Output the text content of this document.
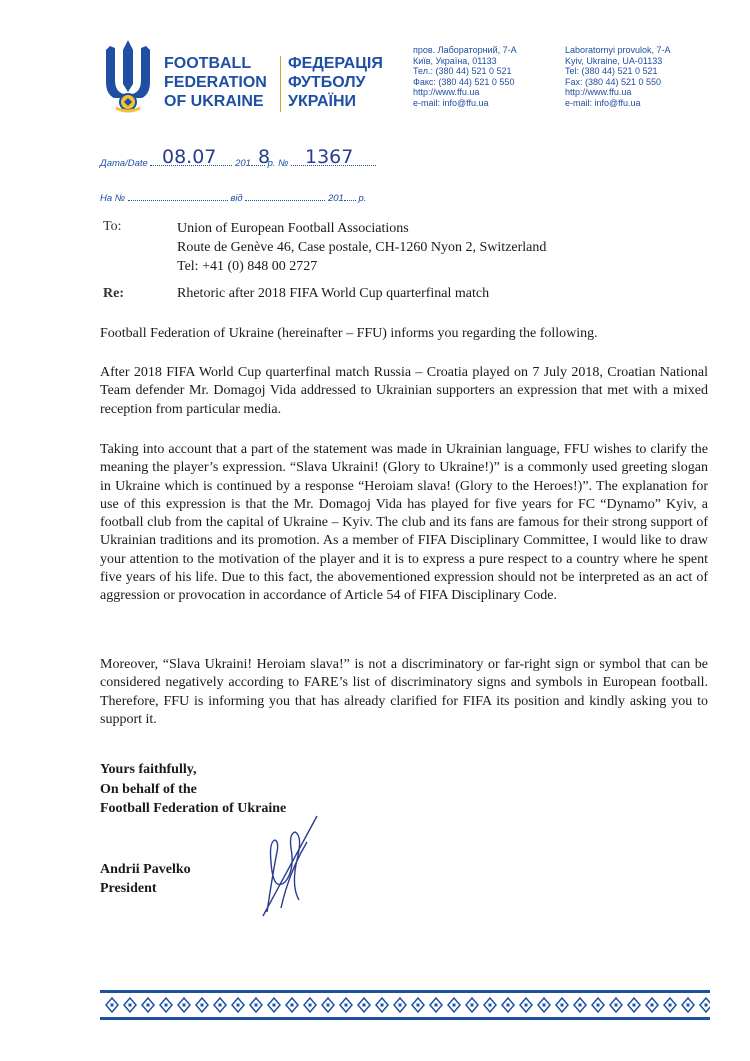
FOOTBALL
FEDERATION
OF UKRAINE
ФЕДЕРАЦІЯ
ФУТБОЛУ
УКРАЇНИ
пров. Лабораторний, 7-А
Київ, Україна, 01133
Тел.: (380 44) 521 0 521
Факс: (380 44) 521 0 550
http://www.ffu.ua
e-mail: info@ffu.ua
Laboratornyi provulok, 7-A
Kyiv, Ukraine, UA-01133
Tel: (380 44) 521 0 521
Fax: (380 44) 521 0 550
http://www.ffu.ua
e-mail: info@ffu.ua
Дата/Date	201 р. №
08.07 8 1367
На №	від	201 р.
To:	Union of European Football Associations
Route de Genève 46, Case postale, CH-1260 Nyon 2, Switzerland
Tel: +41 (0) 848 00 2727
Re:	Rhetoric after 2018 FIFA World Cup quarterfinal match
Football Federation of Ukraine (hereinafter – FFU) informs you regarding the following.
After 2018 FIFA World Cup quarterfinal match Russia – Croatia played on 7 July 2018, Croatian National Team defender Mr. Domagoj Vida addressed to Ukrainian supporters an expression that met with a mixed reception from particular media.
Taking into account that a part of the statement was made in Ukrainian language, FFU wishes to clarify the meaning the player’s expression. “Slava Ukraini! (Glory to Ukraine!)” is a commonly used greeting slogan in Ukraine which is continued by a response “Heroiam slava! (Glory to the Heroes!)”. The explanation for use of this expression is that the Mr. Domagoj Vida has played for five years for FC “Dynamo” Kyiv, a football club from the capital of Ukraine – Kyiv. The club and its fans are famous for their strong support of Ukrainian traditions and its promotion. As a member of FIFA Disciplinary Committee, I would like to draw your attention to the motivation of the player and it is to express a pure respect to a country where he spent five years of his life. Due to this fact, the abovementioned expression should not be interpreted as an act of aggression or provocation in accordance of Article 54 of FIFA Disciplinary Code.
Moreover, “Slava Ukraini! Heroiam slava!” is not a discriminatory or far-right sign or symbol that can be considered negatively according to FARE’s list of discriminatory signs and symbols in European football. Therefore, FFU is informing you that has already clarified for FIFA its position and kindly asking you to support it.
Yours faithfully,
On behalf of the
Football Federation of Ukraine
Andrii Pavelko
President
